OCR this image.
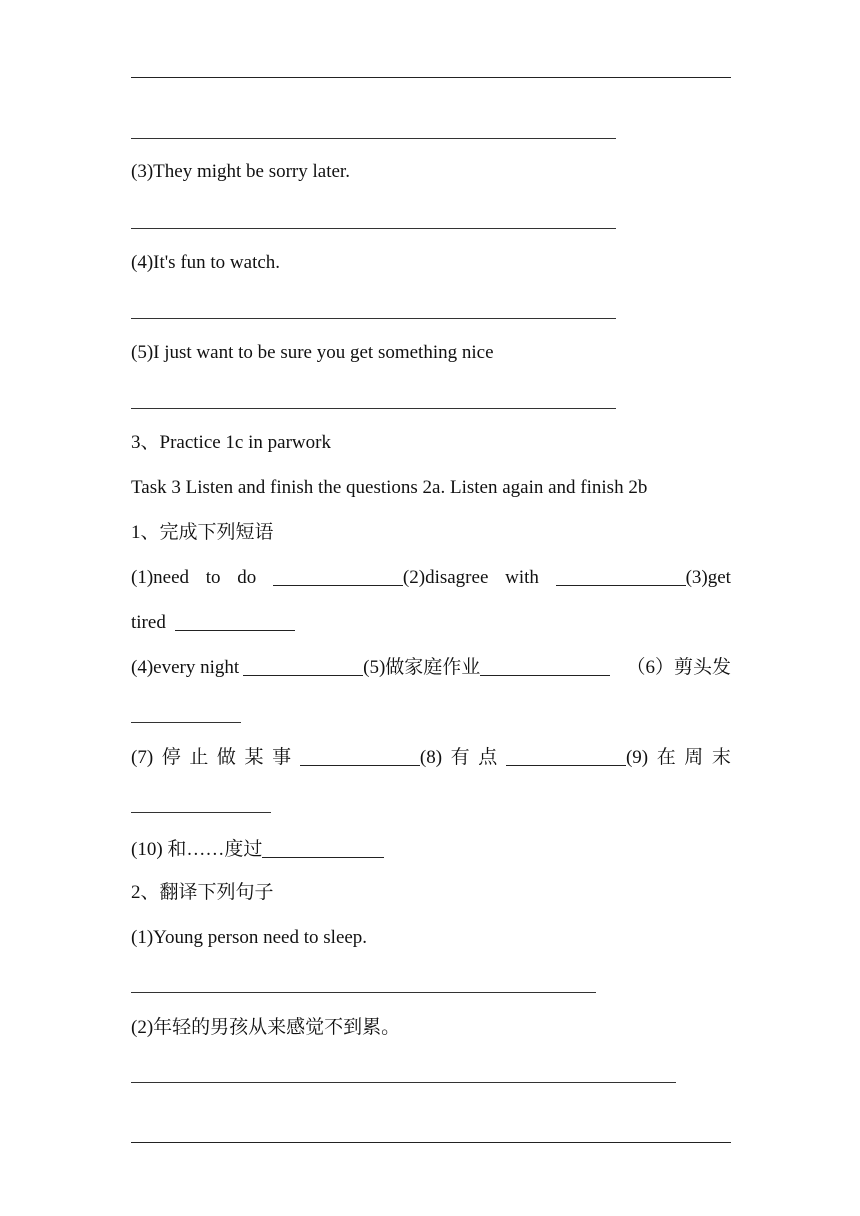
(3)They might be sorry later.
(4)It's fun to watch.
(5)I just want to be sure you get something nice
3、Practice 1c in parwork
Task 3 Listen and finish the questions 2a. Listen again and finish 2b
1、完成下列短语
(1)need to do	(2)disagree with	(3)get
tired
(4)every night	(5)做家庭作业	（6）剪头发
(7) 停 止 做 某 事	(8) 有 点	(9) 在 周 末
(10) 和……度过
2、翻译下列句子
(1)Young person need to sleep.
(2)年轻的男孩从来感觉不到累。
